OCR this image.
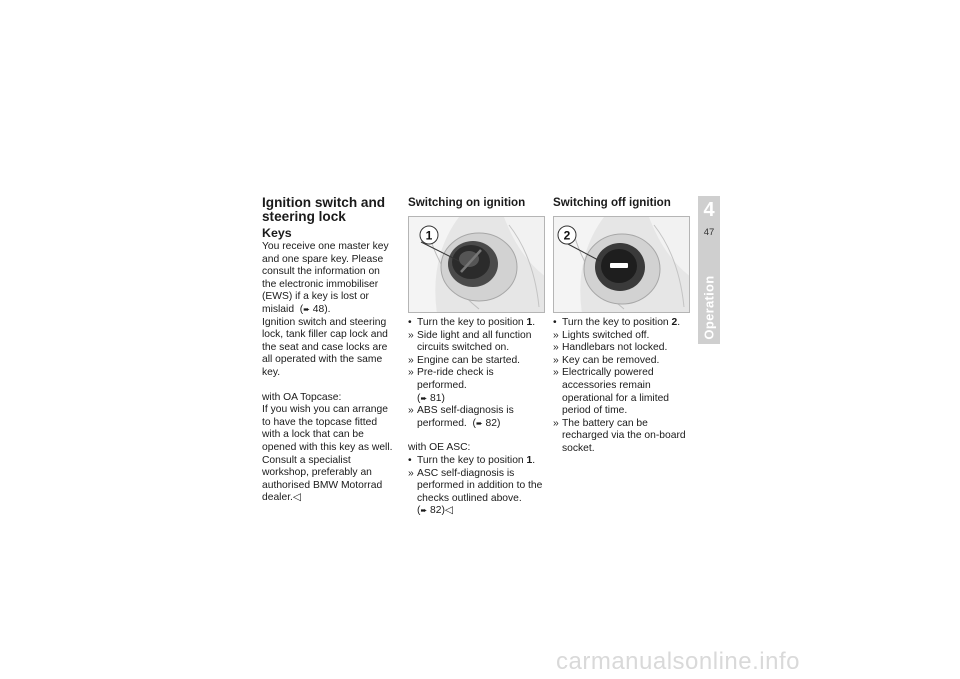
Ignition switch and steering lock
Keys

You receive one master key and one spare key. Please consult the information on the electronic immobiliser (EWS) if a key is lost or mislaid  (➨ 48).

Ignition switch and steering lock, tank filler cap lock and the seat and case locks are all operated with the same key.

with OA Topcase:

If you wish you can arrange to have the topcase fitted with a lock that can be opened with this key as well. Consult a specialist workshop, preferably an authorised BMW Motorrad dealer.◁

Switching on ignition
1
• Turn the key to position 1.
» Side light and all function circuits switched on.
» Engine can be started.
» Pre-ride check is performed.
(➨ 81)
» ABS self-diagnosis is performed.  (➨ 82)

with OE ASC:

• Turn the key to position 1.
» ASC self-diagnosis is performed in addition to the checks outlined above.
(➨ 82)◁
Switching off ignition
2
• Turn the key to position 2.
» Lights switched off.
» Handlebars not locked.
» Key can be removed.
» Electrically powered accessories remain operational for a limited period of time.
» The battery can be recharged via the on-board socket.
4
47
Operation
carmanualsonline.info
